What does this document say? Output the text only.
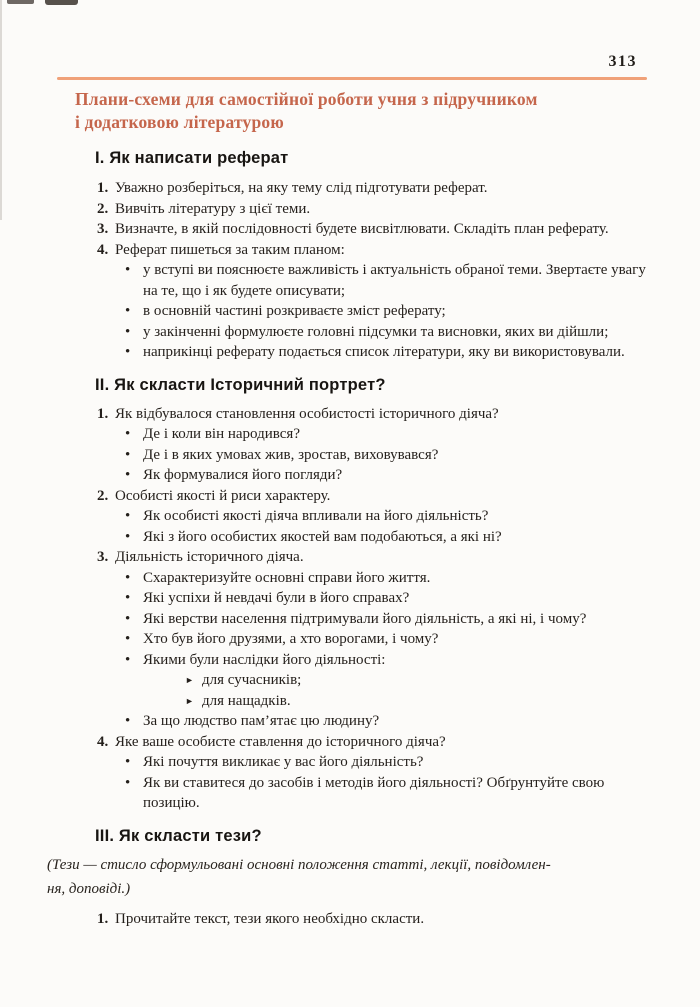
313
Плани-схеми для самостійної роботи учня з підручником
і додатковою літературою
I. Як написати реферат
1. Уважно розберіться, на яку тему слід підготувати реферат.
2. Вивчіть літературу з цієї теми.
3. Визначте, в якій послідовності будете висвітлювати. Складіть план реферату.
4. Реферат пишеться за таким планом:
• у вступі ви пояснюєте важливість і актуальність обраної теми. Звертаєте увагу на те, що і як будете описувати;
• в основній частині розкриваєте зміст реферату;
• у закінченні формулюєте головні підсумки та висновки, яких ви дійшли;
• наприкінці реферату подається список літератури, яку ви використовували.
II. Як скласти Історичний портрет?
1. Як відбувалося становлення особистості історичного діяча?
• Де і коли він народився?
• Де і в яких умовах жив, зростав, виховувався?
• Як формувалися його погляди?
2. Особисті якості й риси характеру.
• Як особисті якості діяча впливали на його діяльність?
• Які з його особистих якостей вам подобаються, а які ні?
3. Діяльність історичного діяча.
• Схарактеризуйте основні справи його життя.
• Які успіхи й невдачі були в його справах?
• Які верстви населення підтримували його діяльність, а які ні, і чому?
• Хто був його друзями, а хто ворогами, і чому?
• Якими були наслідки його діяльності:
► для сучасників;
► для нащадків.
• За що людство пам’ятає цю людину?
4. Яке ваше особисте ставлення до історичного діяча?
• Які почуття викликає у вас його діяльність?
• Як ви ставитеся до засобів і методів його діяльності? Обґрунтуйте свою позицію.
III. Як скласти тези?
(Тези — стисло сформульовані основні положення статті, лекції, повідомлен-
ня, доповіді.)
1. Прочитайте текст, тези якого необхідно скласти.
